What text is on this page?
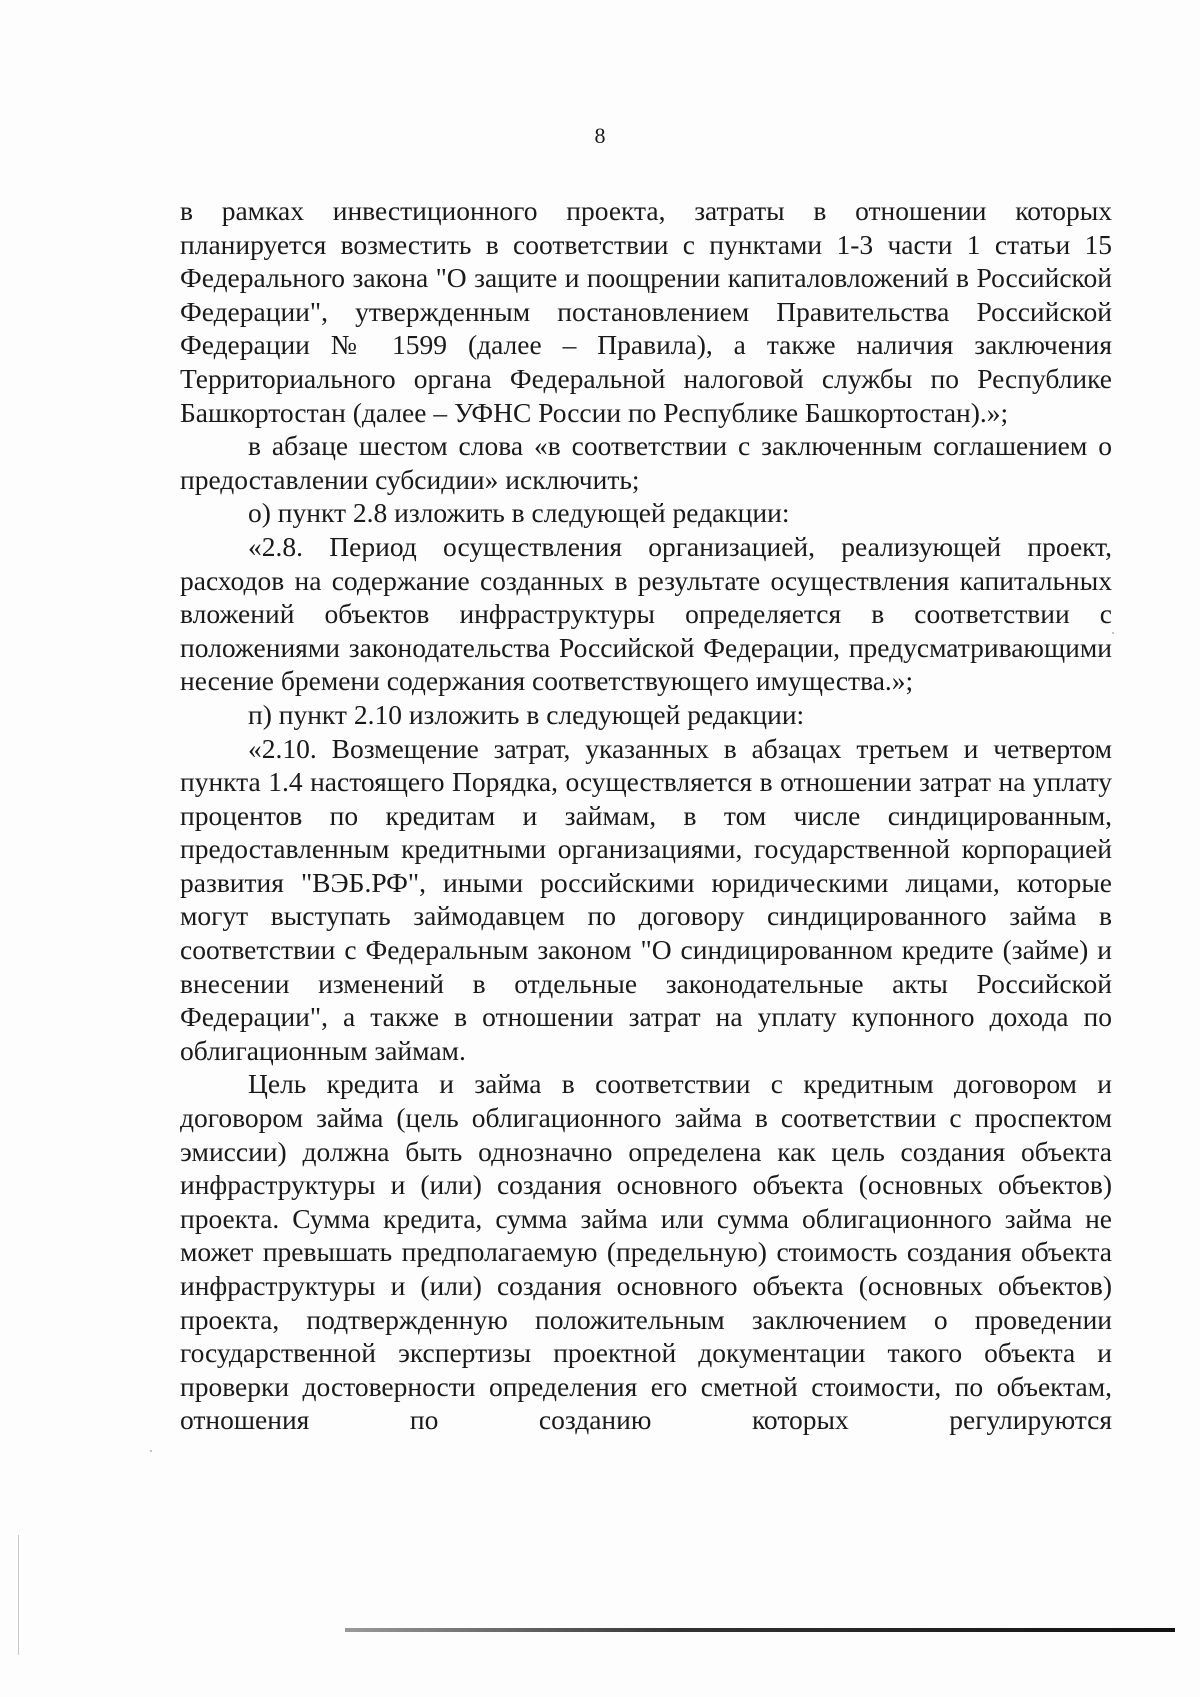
8

в рамках инвестиционного проекта, затраты в отношении которых планируется возместить в соответствии с пунктами 1-3 части 1 статьи 15 Федерального закона "О защите и поощрении капиталовложений в Российской Федерации", утвержденным постановлением Правительства Российской Федерации № 1599 (далее – Правила), а также наличия заключения Территориального органа Федеральной налоговой службы по Республике Башкортостан (далее – УФНС России по Республике Башкортостан).»;

в абзаце шестом слова «в соответствии с заключенным соглашением о предоставлении субсидии» исключить;

о) пункт 2.8 изложить в следующей редакции:

«2.8. Период осуществления организацией, реализующей проект, расходов на содержание созданных в результате осуществления капитальных вложений объектов инфраструктуры определяется в соответствии с положениями законодательства Российской Федерации, предусматривающими несение бремени содержания соответствующего имущества.»;

п) пункт 2.10 изложить в следующей редакции:

«2.10. Возмещение затрат, указанных в абзацах третьем и четвертом пункта 1.4 настоящего Порядка, осуществляется в отношении затрат на уплату процентов по кредитам и займам, в том числе синдицированным, предоставленным кредитными организациями, государственной корпорацией развития "ВЭБ.РФ", иными российскими юридическими лицами, которые могут выступать займодавцем по договору синдицированного займа в соответствии с Федеральным законом "О синдицированном кредите (займе) и внесении изменений в отдельные законодательные акты Российской Федерации", а также в отношении затрат на уплату купонного дохода по облигационным займам.

Цель кредита и займа в соответствии с кредитным договором и договором займа (цель облигационного займа в соответствии с проспектом эмиссии) должна быть однозначно определена как цель создания объекта инфраструктуры и (или) создания основного объекта (основных объектов) проекта. Сумма кредита, сумма займа или сумма облигационного займа не может превышать предполагаемую (предельную) стоимость создания объекта инфраструктуры и (или) создания основного объекта (основных объектов) проекта, подтвержденную положительным заключением о проведении государственной экспертизы проектной документации такого объекта и проверки достоверности определения его сметной стоимости, по объектам, отношения по созданию которых регулируются
